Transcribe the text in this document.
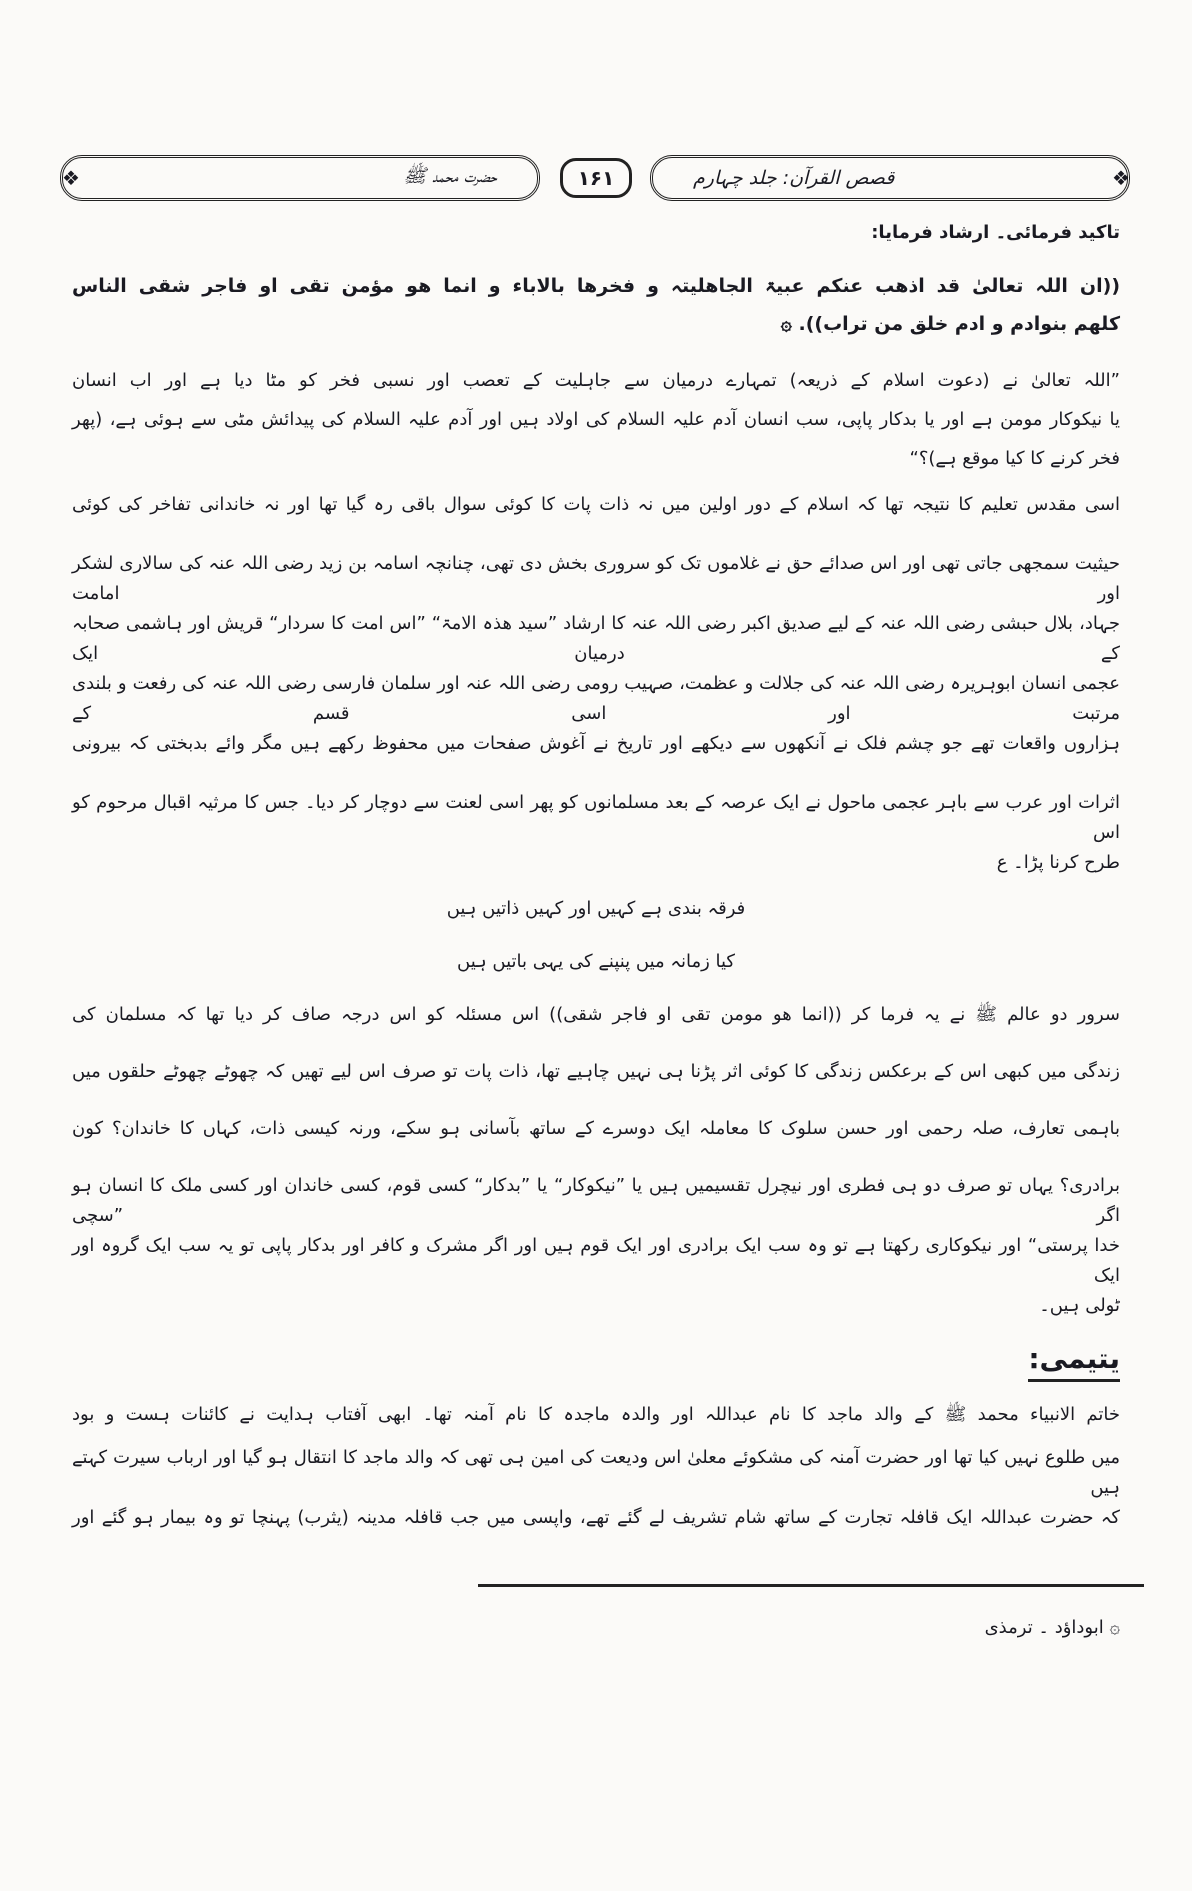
❖	حضرت محمد ﷺ	۱۶۱	قصص القرآن: جلد چہارم	❖
تاکید فرمائی۔ ارشاد فرمایا:
((ان اللہ تعالیٰ قد اذھب عنکم عبیۃ الجاھلیتہ و فخرھا بالاباء و انما ھو مؤمن تقی او فاجر شقی الناس
کلھم بنوادم و ادم خلق من تراب)). ۞
”اللہ تعالیٰ نے (دعوت اسلام کے ذریعہ) تمہارے درمیان سے جاہلیت کے تعصب اور نسبی فخر کو مٹا دیا ہے اور اب انسان
یا نیکوکار مومن ہے اور یا بدکار پاپی، سب انسان آدم علیہ السلام کی اولاد ہیں اور آدم علیہ السلام کی پیدائش مٹی سے ہوئی ہے، (پھر
فخر کرنے کا کیا موقع ہے)؟“
اسی مقدس تعلیم کا نتیجہ تھا کہ اسلام کے دور اولین میں نہ ذات پات کا کوئی سوال باقی رہ گیا تھا اور نہ خاندانی تفاخر کی کوئی
حیثیت سمجھی جاتی تھی اور اس صدائے حق نے غلاموں تک کو سروری بخش دی تھی، چنانچہ اسامہ بن زید رضی اللہ عنہ کی سالاری لشکر اور امامت
جہاد، بلال حبشی رضی اللہ عنہ کے لیے صدیق اکبر رضی اللہ عنہ کا ارشاد ”سید ھذہ الامۃ“ ”اس امت کا سردار“ قریش اور ہاشمی صحابہ کے درمیان ایک
عجمی انسان ابوہریرہ رضی اللہ عنہ کی جلالت و عظمت، صہیب رومی رضی اللہ عنہ اور سلمان فارسی رضی اللہ عنہ کی رفعت و بلندی مرتبت اور اسی قسم کے
ہزاروں واقعات تھے جو چشم فلک نے آنکھوں سے دیکھے اور تاریخ نے آغوش صفحات میں محفوظ رکھے ہیں مگر وائے بدبختی کہ بیرونی
اثرات اور عرب سے باہر عجمی ماحول نے ایک عرصہ کے بعد مسلمانوں کو پھر اسی لعنت سے دوچار کر دیا۔ جس کا مرثیہ اقبال مرحوم کو اس
طرح کرنا پڑا۔ ع
فرقہ بندی ہے کہیں اور کہیں ذاتیں ہیں
کیا زمانہ میں پنپنے کی یہی باتیں ہیں
سرور دو عالم ﷺ نے یہ فرما کر ((انما ھو مومن تقی او فاجر شقی)) اس مسئلہ کو اس درجہ صاف کر دیا تھا کہ مسلمان کی
زندگی میں کبھی اس کے برعکس زندگی کا کوئی اثر پڑنا ہی نہیں چاہیے تھا، ذات پات تو صرف اس لیے تھیں کہ چھوٹے چھوٹے حلقوں میں
باہمی تعارف، صلہ رحمی اور حسن سلوک کا معاملہ ایک دوسرے کے ساتھ بآسانی ہو سکے، ورنہ کیسی ذات، کہاں کا خاندان؟ کون
برادری؟ یہاں تو صرف دو ہی فطری اور نیچرل تقسیمیں ہیں یا ”نیکوکار“ یا ”بدکار“ کسی قوم، کسی خاندان اور کسی ملک کا انسان ہو اگر ”سچی
خدا پرستی“ اور نیکوکاری رکھتا ہے تو وہ سب ایک برادری اور ایک قوم ہیں اور اگر مشرک و کافر اور بدکار پاپی تو یہ سب ایک گروہ اور ایک
ٹولی ہیں۔
یتیمی:
خاتم الانبیاء محمد ﷺ کے والد ماجد کا نام عبداللہ اور والدہ ماجدہ کا نام آمنہ تھا۔ ابھی آفتاب ہدایت نے کائنات ہست و بود
میں طلوع نہیں کیا تھا اور حضرت آمنہ کی مشکوئے معلیٰ اس ودیعت کی امین ہی تھی کہ والد ماجد کا انتقال ہو گیا اور ارباب سیرت کہتے ہیں
کہ حضرت عبداللہ ایک قافلہ تجارت کے ساتھ شام تشریف لے گئے تھے، واپسی میں جب قافلہ مدینہ (یثرب) پہنچا تو وہ بیمار ہو گئے اور
۞ ابوداؤد ۔ ترمذی
